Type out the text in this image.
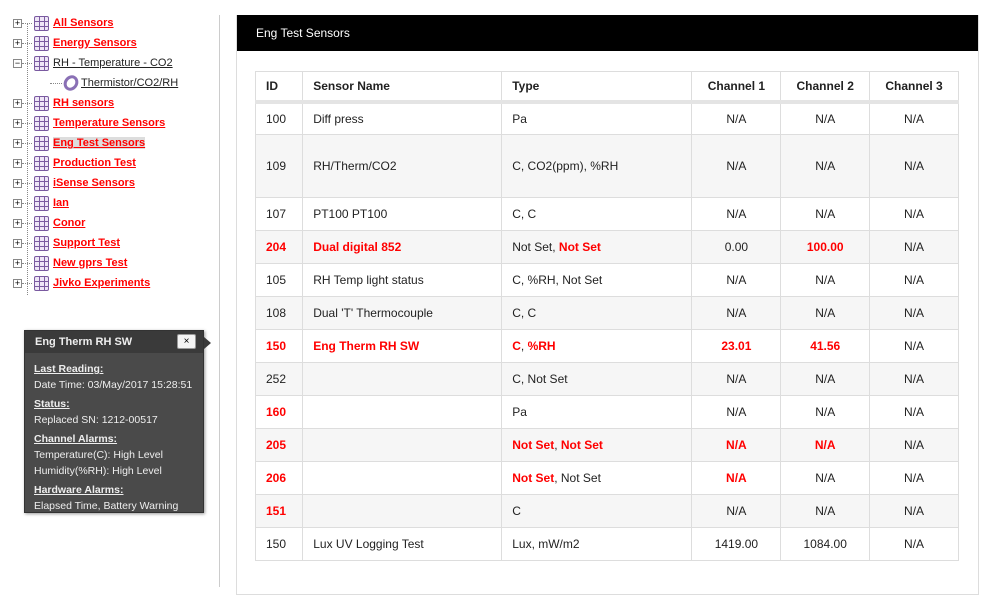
+	All Sensors
+	Energy Sensors
−	RH - Temperature - CO2
Thermistor/CO2/RH
+	RH sensors
+	Temperature Sensors
+	Eng Test Sensors
+	Production Test
+	iSense Sensors
+	Ian
+	Conor
+	Support Test
+	New gprs Test
+	Jivko Experiments
Eng Test Sensors
ID	Sensor Name	Type	Channel 1	Channel 2	Channel 3
100	Diff press	Pa	N/A	N/A	N/A
109	RH/Therm/CO2	C, CO2(ppm), %RH	N/A	N/A	N/A
107	PT100 PT100	C, C	N/A	N/A	N/A
204	Dual digital 852	Not Set, Not Set	0.00	100.00	N/A
105	RH Temp light status	C, %RH, Not Set	N/A	N/A	N/A
108	Dual 'T' Thermocouple	C, C	N/A	N/A	N/A
150	Eng Therm RH SW	C, %RH	23.01	41.56	N/A
252		C, Not Set	N/A	N/A	N/A
160		Pa	N/A	N/A	N/A
205		Not Set, Not Set	N/A	N/A	N/A
206		Not Set, Not Set	N/A	N/A	N/A
151		C	N/A	N/A	N/A
150	Lux UV Logging Test	Lux, mW/m2	1419.00	1084.00	N/A
Eng Therm RH SW	×
Last Reading:
Date Time: 03/May/2017 15:28:51
Status:
Replaced SN: 1212-00517
Channel Alarms:
Temperature(C): High Level
Humidity(%RH): High Level
Hardware Alarms:
Elapsed Time, Battery Warning
